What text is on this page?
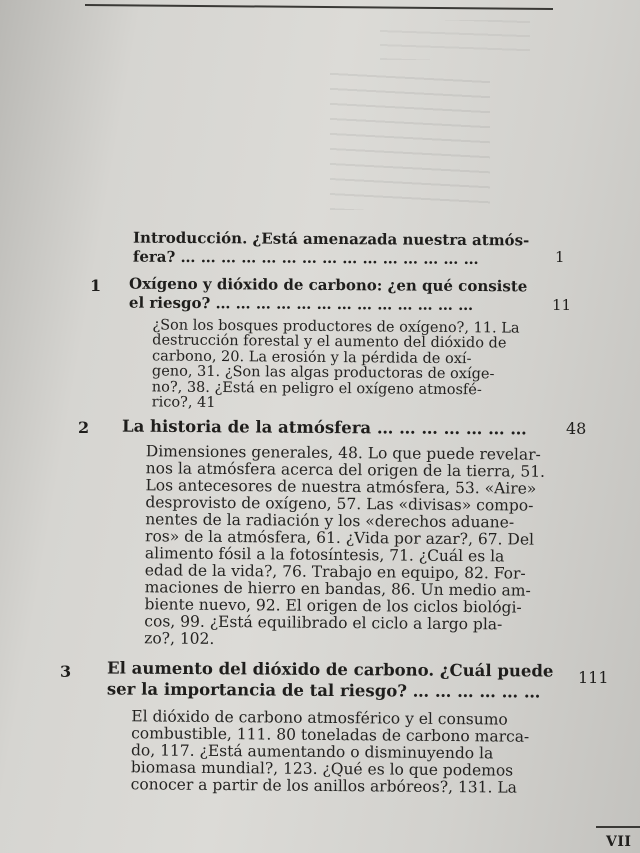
Introducción. ¿Está amenazada nuestra atmós-
fera? … … … … … … … … … … … … … … …	1
1 Oxígeno y dióxido de carbono: ¿en qué consiste
el riesgo? … … … … … … … … … … … … …	11
¿Son los bosques productores de oxígeno?, 11. La
destrucción forestal y el aumento del dióxido de
carbono, 20. La erosión y la pérdida de oxí-
geno, 31. ¿Son las algas productoras de oxíge-
no?, 38. ¿Está en peligro el oxígeno atmosfé-
rico?, 41
2 La historia de la atmósfera … … … … … … … 48
Dimensiones generales, 48. Lo que puede revelar-
nos la atmósfera acerca del origen de la tierra, 51.
Los antecesores de nuestra atmósfera, 53. «Aire»
desprovisto de oxígeno, 57. Las «divisas» compo-
nentes de la radiación y los «derechos aduane-
ros» de la atmósfera, 61. ¿Vida por azar?, 67. Del
alimento fósil a la fotosíntesis, 71. ¿Cuál es la
edad de la vida?, 76. Trabajo en equipo, 82. For-
maciones de hierro en bandas, 86. Un medio am-
biente nuevo, 92. El origen de los ciclos biológi-
cos, 99. ¿Está equilibrado el ciclo a largo pla-
zo?, 102.
3 El aumento del dióxido de carbono. ¿Cuál puede
ser la importancia de tal riesgo? … … … … … …
111
El dióxido de carbono atmosférico y el consumo
combustible, 111. 80 toneladas de carbono marca-
do, 117. ¿Está aumentando o disminuyendo la
biomasa mundial?, 123. ¿Qué es lo que podemos
conocer a partir de los anillos arbóreos?, 131. La
VII
